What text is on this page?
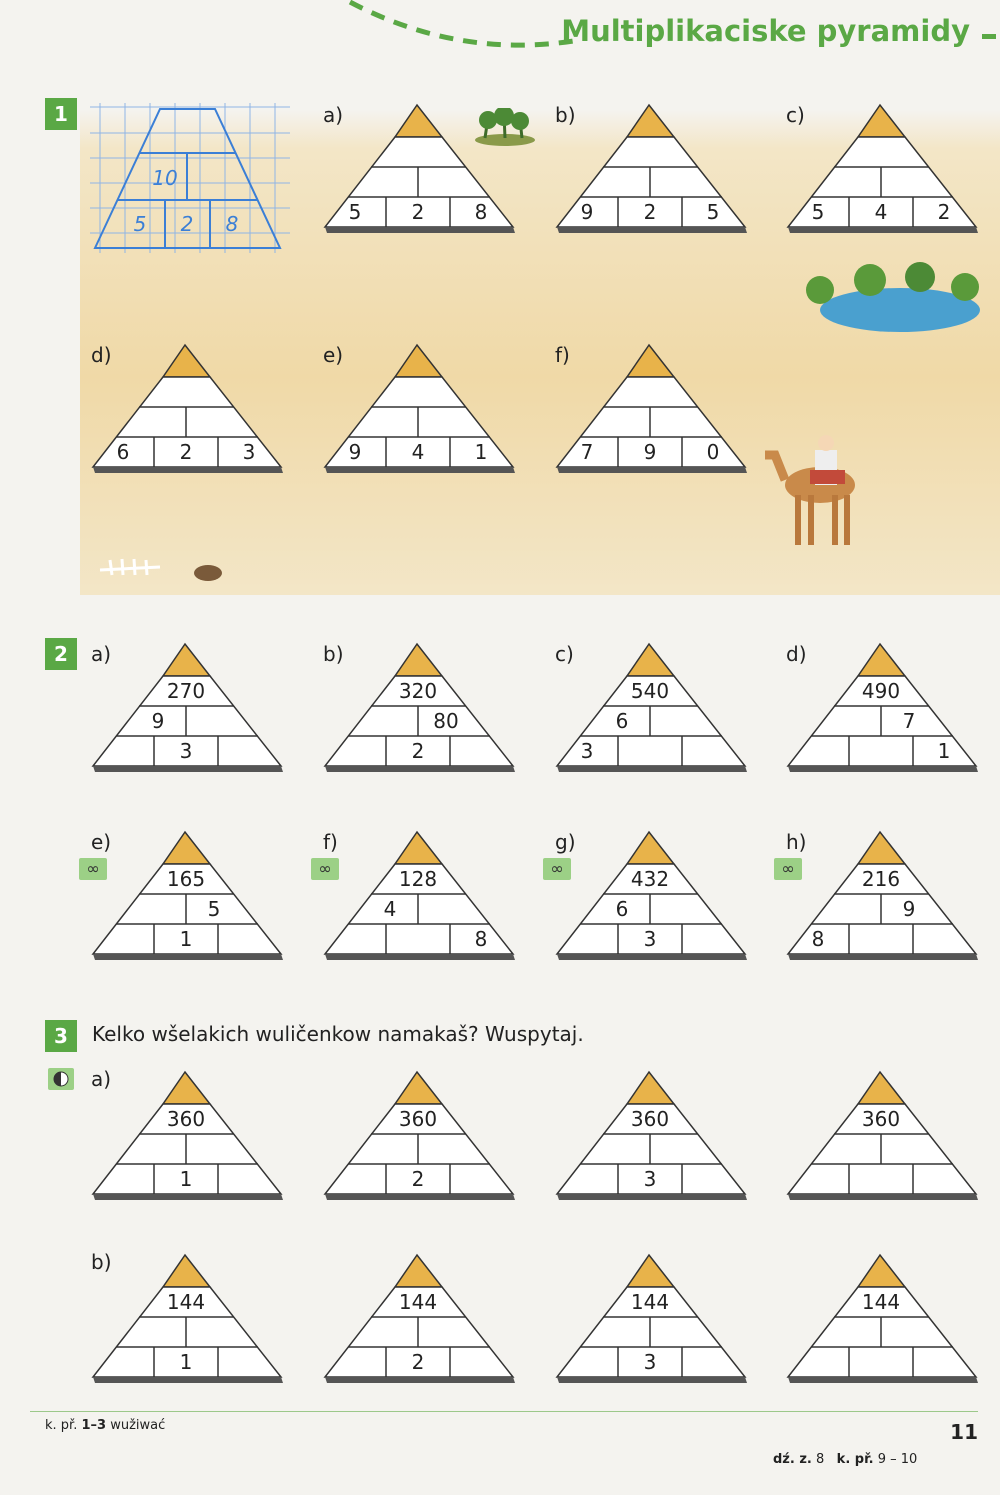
Multiplikaciske pyramidy
1
10
5	2	8
2
3	Kelko wšelakich wuličenkow namakaš? Wuspytaj.
a)
5	2	8
b)
9	2	5
c)
5	4	2
d)
6	2	3
e)
9	4	1
f)
7	9	0
a)
270
9
3
b)
320
80
2
c)
540
6
3
d)
490
7
1
e)
∞	165
5
1
f)
∞	128
4
8
g)
∞	432
6
3
h)
∞	216
9
8
a)
b)
360
1
360
2
360
3
360
144
1
144
2
144
3
144
k. př. 1–3 wužiwać	11
dź. z. 8 k. př. 9 – 10
